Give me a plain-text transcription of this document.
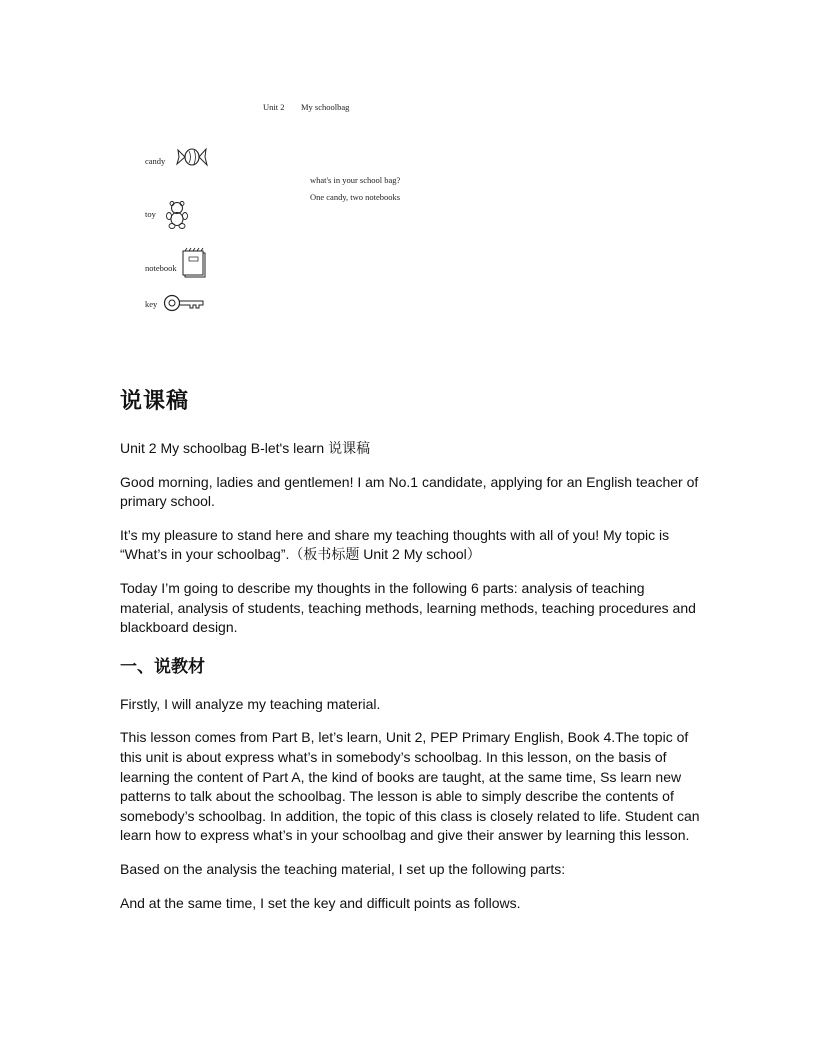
Unit 2 My schoolbag
candy
toy
notebook
key
what's in your school bag?
One candy, two notebooks
说课稿

Unit 2 My schoolbag B-let's learn 说课稿

Good morning, ladies and gentlemen! I am No.1 candidate, applying for an English teacher of primary school.

It’s my pleasure to stand here and share my teaching thoughts with all of you! My topic is “What’s in your schoolbag”.（板书标题 Unit 2 My school）

Today I’m going to describe my thoughts in the following 6 parts: analysis of teaching material, analysis of students, teaching methods, learning methods, teaching procedures and blackboard design.

一、说教材

Firstly, I will analyze my teaching material.

This lesson comes from Part B, let’s learn, Unit 2, PEP Primary English, Book 4.The topic of this unit is about express what’s in somebody’s schoolbag. In this lesson, on the basis of learning the content of Part A, the kind of books are taught, at the same time, Ss learn new patterns to talk about the schoolbag. The lesson is able to simply describe the contents of somebody’s schoolbag. In addition, the topic of this class is closely related to life. Student can learn how to express what’s in your schoolbag and give their answer by learning this lesson.

Based on the analysis the teaching material, I set up the following parts:

And at the same time, I set the key and difficult points as follows.
